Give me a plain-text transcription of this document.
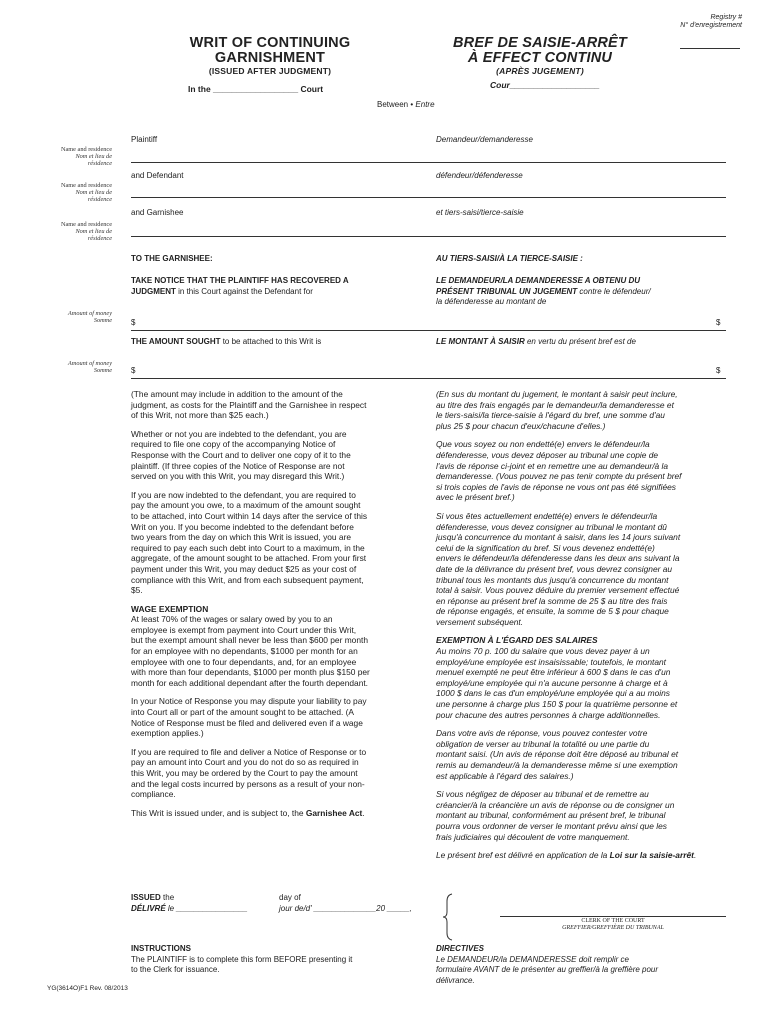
Registry #
N° d'enregistrement
WRIT OF CONTINUING
GARNISHMENT
(ISSUED AFTER JUDGMENT)
BREF DE SAISIE-ARRÊT
À EFFECT CONTINU
(APRÈS JUGEMENT)
In the __________________ Court	Cour___________________
Between • Entre
Plaintiff	Demandeur/demanderesse
and Defendant	défendeur/défenderesse
and Garnishee	et tiers-saisi/tierce-saisie
Name and residence
Nom et lieu de
résidence
Name and residence
Nom et lieu de
résidence
Name and residence
Nom et lieu de
résidence
Amount of money
Somme
Amount of money
Somme
TO THE GARNISHEE:	AU TIERS-SAISI/À LA TIERCE-SAISIE :
TAKE NOTICE THAT THE PLAINTIFF HAS RECOVERED A
JUDGMENT in this Court against the Defendant for
LE DEMANDEUR/LA DEMANDERESSE A OBTENU DU
PRÉSENT TRIBUNAL UN JUGEMENT contre le défendeur/
la défenderesse au montant de
$	$
THE AMOUNT SOUGHT to be attached to this Writ is	LE MONTANT À SAISIR en vertu du présent bref est de
$	$

(The amount may include in addition to the amount of the
judgment, as costs for the Plaintiff and the Garnishee in respect
of this Writ, not more than $25 each.)

Whether or not you are indebted to the defendant, you are
required to file one copy of the accompanying Notice of
Response with the Court and to deliver one copy of it to the
plaintiff. (If three copies of the Notice of Response are not
served on you with this Writ, you may disregard this Writ.)

If you are now indebted to the defendant, you are required to
pay the amount you owe, to a maximum of the amount sought
to be attached, into Court within 14 days after the service of this
Writ on you. If you become indebted to the defendant before
two years from the day on which this Writ is issued, you are
required to pay each such debt into Court to a maximum, in the
aggregate, of the amount sought to be attached. From your first
payment under this Writ, you may deduct $25 as your cost of
compliance with this Writ, and from each subsequent payment,
$5.

WAGE EXEMPTION

At least 70% of the wages or salary owed by you to an
employee is exempt from payment into Court under this Writ,
but the exempt amount shall never be less than $600 per month
for an employee with no dependants, $1000 per month for an
employee with one to four dependants, and, for an employee
with more than four dependants, $1000 per month plus $150 per
month for each additional dependant after the fourth dependant.

In your Notice of Response you may dispute your liability to pay
into Court all or part of the amount sought to be attached. (A
Notice of Response must be filed and delivered even if a wage
exemption applies.)

If you are required to file and deliver a Notice of Response or to
pay an amount into Court and you do not do so as required in
this Writ, you may be ordered by the Court to pay the amount
and the legal costs incurred by persons as a result of your non-
compliance.

This Writ is issued under, and is subject to, the Garnishee Act.

(En sus du montant du jugement, le montant à saisir peut inclure,
au titre des frais engagés par le demandeur/la demanderesse et
le tiers-saisi/la tierce-saisie à l'égard du bref, une somme d'au
plus 25 $ pour chacun d'eux/chacune d'elles.)

Que vous soyez ou non endetté(e) envers le défendeur/la
défenderesse, vous devez déposer au tribunal une copie de
l'avis de réponse ci-joint et en remettre une au demandeur/à la
demanderesse. (Vous pouvez ne pas tenir compte du présent bref
si trois copies de l'avis de réponse ne vous ont pas été signifiées
avec le présent bref.)

Si vous êtes actuellement endetté(e) envers le défendeur/la
défenderesse, vous devez consigner au tribunal le montant dû
jusqu'à concurrence du montant à saisir, dans les 14 jours suivant
celui de la signification du bref. Si vous devenez endetté(e)
envers le défendeur/la défenderesse dans les deux ans suivant la
date de la délivrance du présent bref, vous devrez consigner au
tribunal tous les montants dus jusqu'à concurrence du montant
total à saisir. Vous pouvez déduire du premier versement effectué
en réponse au présent bref la somme de 25 $ au titre des frais
de réponse engagés, et ensuite, la somme de 5 $ pour chaque
versement subséquent.

EXEMPTION À L'ÉGARD DES SALAIRES

Au moins 70 p. 100 du salaire que vous devez payer à un
employé/une employée est insaisissable; toutefois, le montant
menuel exempté ne peut être inférieur à 600 $ dans le cas d'un
employé/une employée qui n'a aucune personne à charge et à
1000 $ dans le cas d'un employé/une employée qui a au moins
une personne à charge plus 150 $ pour la quatrième personne et
pour chacune des autres personnes à charge additionnelles.

Dans votre avis de réponse, vous pouvez contester votre
obligation de verser au tribunal la totalité ou une partie du
montant saisi. (Un avis de réponse doit être déposé au tribunal et
remis au demandeur/à la demanderesse même si une exemption
est applicable à l'égard des salaires.)

Si vous négligez de déposer au tribunal et de remettre au
créancier/à la créancière un avis de réponse ou de consigner un
montant au tribunal, conformément au présent bref, le tribunal
pourra vous ordonner de verser le montant prévu ainsi que les
frais judiciaires qui découlent de votre manquement.

Le présent bref est délivré en application de la Loi sur la saisie-arrêt.

ISSUED the
DÉLIVRÉ le ________________
day of
jour de/d' ______________20 _____,
CLERK OF THE COURT
GREFFIER/GREFFIÈRE DU TRIBUNAL
INSTRUCTIONS
The PLAINTIFF is to complete this form BEFORE presenting it
to the Clerk for issuance.
DIRECTIVES
Le DEMANDEUR/la DEMANDERESSE doit remplir ce
formulaire AVANT de le présenter au greffier/à la greffière pour
délivrance.
YG(3614O)F1 Rev. 08/2013
